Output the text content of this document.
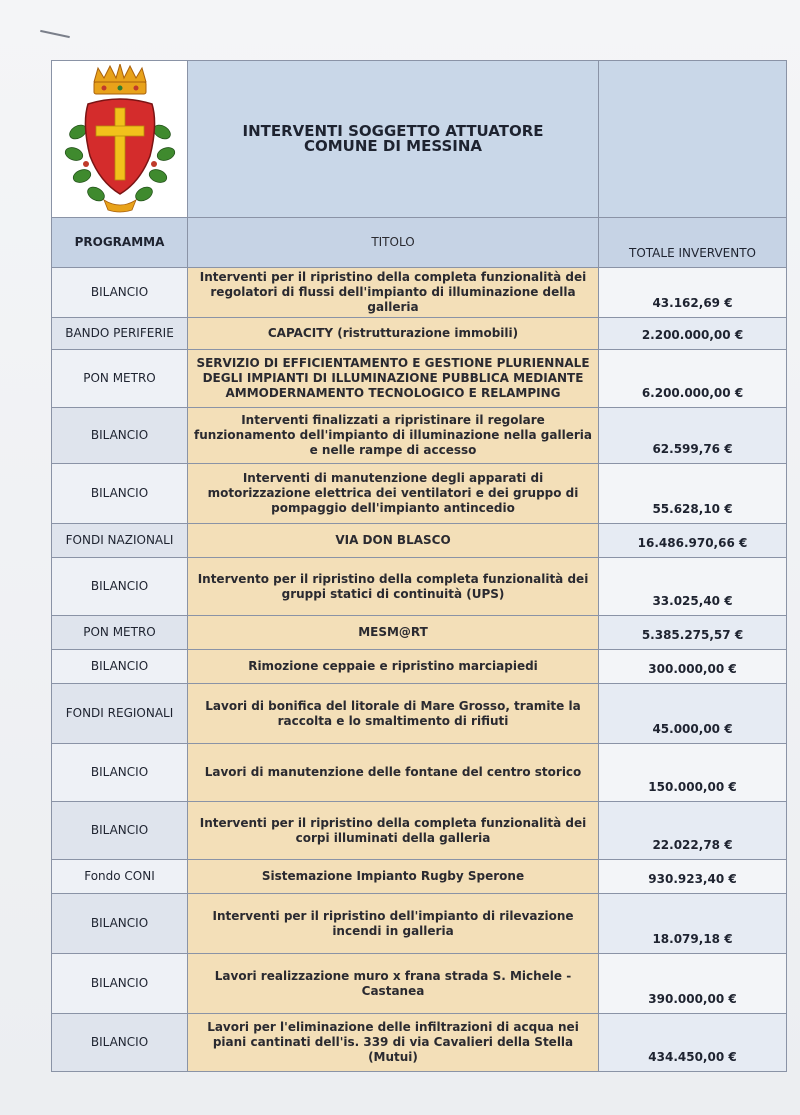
INTERVENTI SOGGETTO ATTUATORE
COMUNE DI MESSINA	

PROGRAMMA	TITOLO	TOTALE INVERVENTO
BILANCIO	Interventi per il ripristino della completa funzionalità dei regolatori di flussi dell'impianto di illuminazione della galleria	43.162,69 €
BANDO PERIFERIE	CAPACITY (ristrutturazione immobili)	2.200.000,00 €
PON METRO	SERVIZIO DI EFFICIENTAMENTO E GESTIONE PLURIENNALE DEGLI IMPIANTI DI ILLUMINAZIONE PUBBLICA MEDIANTE AMMODERNAMENTO TECNOLOGICO E RELAMPING	6.200.000,00 €
BILANCIO	Interventi finalizzati a ripristinare il regolare funzionamento dell'impianto di illuminazione nella galleria e nelle rampe di accesso	62.599,76 €
BILANCIO	Interventi di manutenzione degli apparati di motorizzazione elettrica dei ventilatori e dei gruppo di pompaggio dell'impianto antincedio	55.628,10 €
FONDI NAZIONALI	VIA DON BLASCO	16.486.970,66 €
BILANCIO	Intervento per il ripristino della completa funzionalità dei gruppi statici di continuità (UPS)	33.025,40 €
PON METRO	MESM@RT	5.385.275,57 €
BILANCIO	Rimozione ceppaie e ripristino marciapiedi	300.000,00 €
FONDI REGIONALI	Lavori di bonifica del litorale di Mare Grosso, tramite la raccolta e lo smaltimento di rifiuti	45.000,00 €
BILANCIO	Lavori di manutenzione delle fontane del centro storico	150.000,00 €
BILANCIO	Interventi per il ripristino della completa funzionalità dei corpi illuminati della galleria	22.022,78 €
Fondo CONI	Sistemazione Impianto Rugby Sperone	930.923,40 €
BILANCIO	Interventi per il ripristino dell'impianto di rilevazione incendi in galleria	18.079,18 €
BILANCIO	Lavori realizzazione muro x frana strada S. Michele - Castanea	390.000,00 €
BILANCIO	Lavori per l'eliminazione delle infiltrazioni di acqua nei piani cantinati dell'is. 339 di via Cavalieri della Stella (Mutui)	434.450,00 €
